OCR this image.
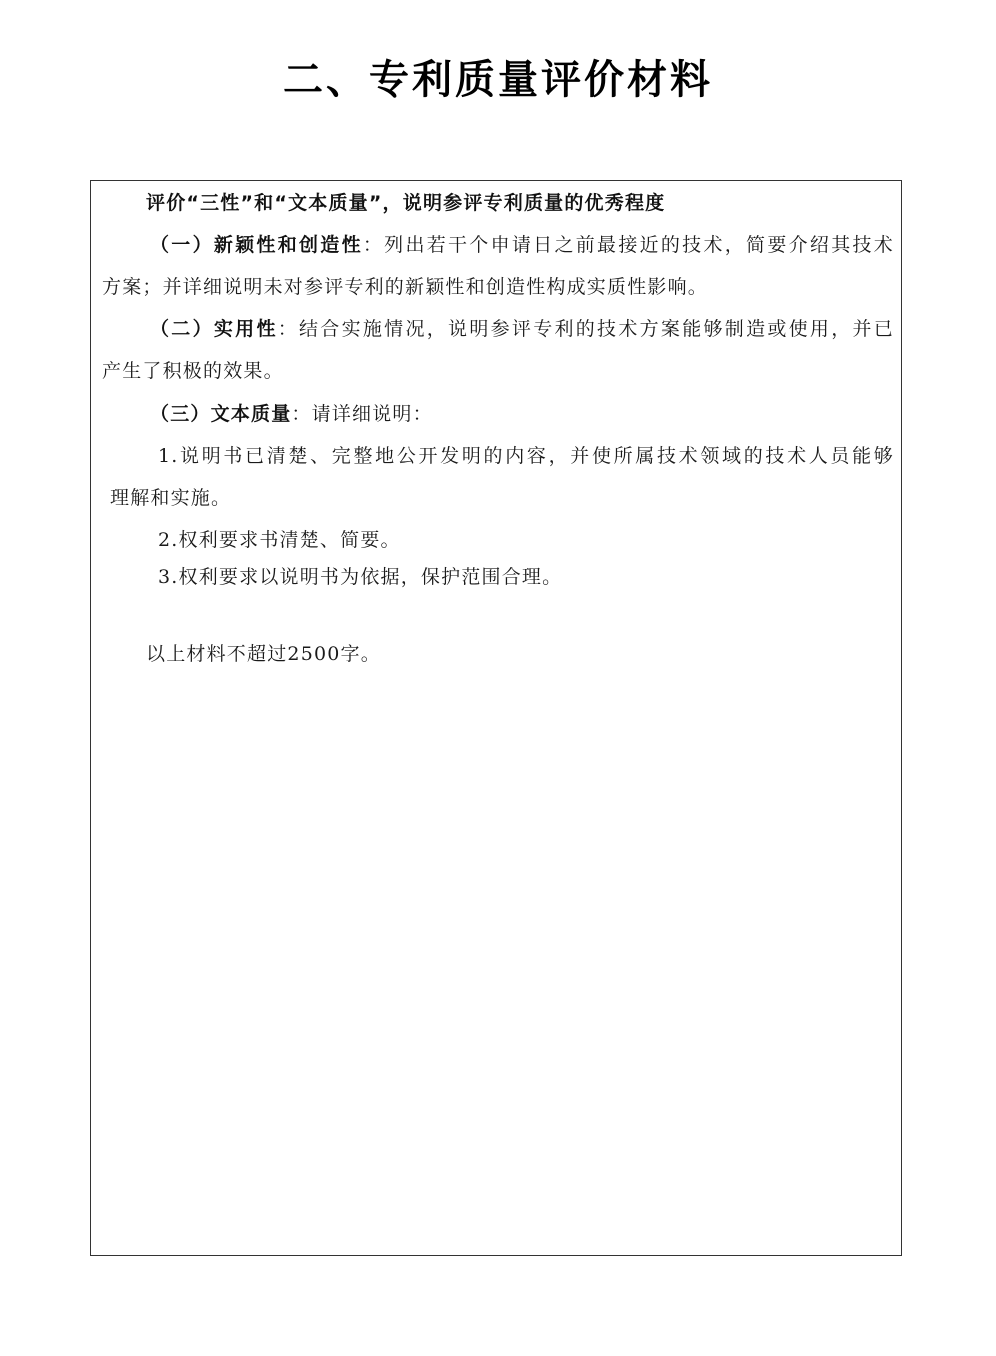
二、专利质量评价材料
评价“三性”和“文本质量”，说明参评专利质量的优秀程度
（一）新颖性和创造性：列出若干个申请日之前最接近的技术，简要介绍其技术
方案；并详细说明未对参评专利的新颖性和创造性构成实质性影响。
（二）实用性：结合实施情况，说明参评专利的技术方案能够制造或使用，并已
产生了积极的效果。
（三）文本质量：请详细说明：
1.说明书已清楚、完整地公开发明的内容，并使所属技术领域的技术人员能够
理解和实施。
2.权利要求书清楚、简要。
3.权利要求以说明书为依据，保护范围合理。
以上材料不超过2500字。
